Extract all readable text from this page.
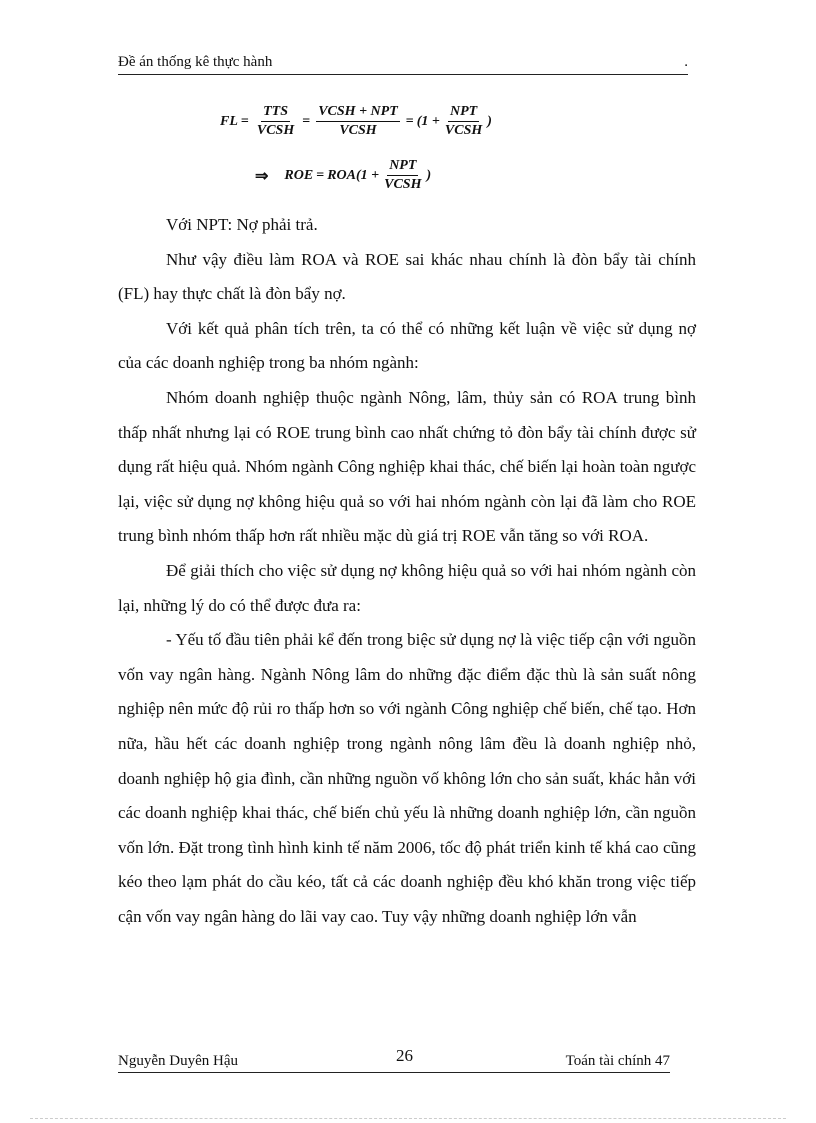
Đề án thống kê thực hành	.
FL = $\frac{\text{TTS}}{\text{VCSH}} = \frac{\text{VCSH + NPT}}{\text{VCSH}} = (1 + \frac{\text{NPT}}{\text{VCSH}}$ )
⇒ ROE = $ROA(1 + \frac{\text{NPT}}{\text{VCSH}}$ )

Với NPT: Nợ phải trả.

Như vậy điều làm ROA và ROE sai khác nhau chính là đòn bẩy tài chính (FL) hay thực chất là đòn bẩy nợ.

Với kết quả phân tích trên, ta có thể có những kết luận về việc sử dụng nợ của các doanh nghiệp trong ba nhóm ngành:

Nhóm doanh nghiệp thuộc ngành Nông, lâm, thủy sản có ROA trung bình thấp nhất nhưng lại có ROE trung bình cao nhất chứng tỏ đòn bẩy tài chính được sử dụng rất hiệu quả. Nhóm ngành Công nghiệp khai thác, chế biến lại hoàn toàn ngược lại, việc sử dụng nợ không hiệu quả so với hai nhóm ngành còn lại đã làm cho ROE trung bình nhóm thấp hơn rất nhiều mặc dù giá trị ROE vẫn tăng so với ROA.

Để giải thích cho việc sử dụng nợ không hiệu quả so với hai nhóm ngành còn lại, những lý do có thể được đưa ra:

- Yếu tố đầu tiên phải kể đến trong biệc sử dụng nợ là việc tiếp cận với nguồn vốn vay ngân hàng. Ngành Nông lâm do những đặc điểm đặc thù là sản suất nông nghiệp nên mức độ rủi ro thấp hơn so với ngành Công nghiệp chế biến, chế tạo. Hơn nữa, hầu hết các doanh nghiệp trong ngành nông lâm đều là doanh nghiệp nhỏ, doanh nghiệp hộ gia đình, cần những nguồn vố không lớn cho sản suất, khác hẳn với các doanh nghiệp khai thác, chế biến chủ yếu là những doanh nghiệp lớn, cần nguồn vốn lớn. Đặt trong tình hình kinh tế năm 2006, tốc độ phát triển kinh tế khá cao cũng kéo theo lạm phát do cầu kéo, tất cả các doanh nghiệp đều khó khăn trong việc tiếp cận vốn vay ngân hàng do lãi vay cao. Tuy vậy những doanh nghiệp lớn vẫn

Nguyễn Duyên Hậu	26	Toán tài chính 47
